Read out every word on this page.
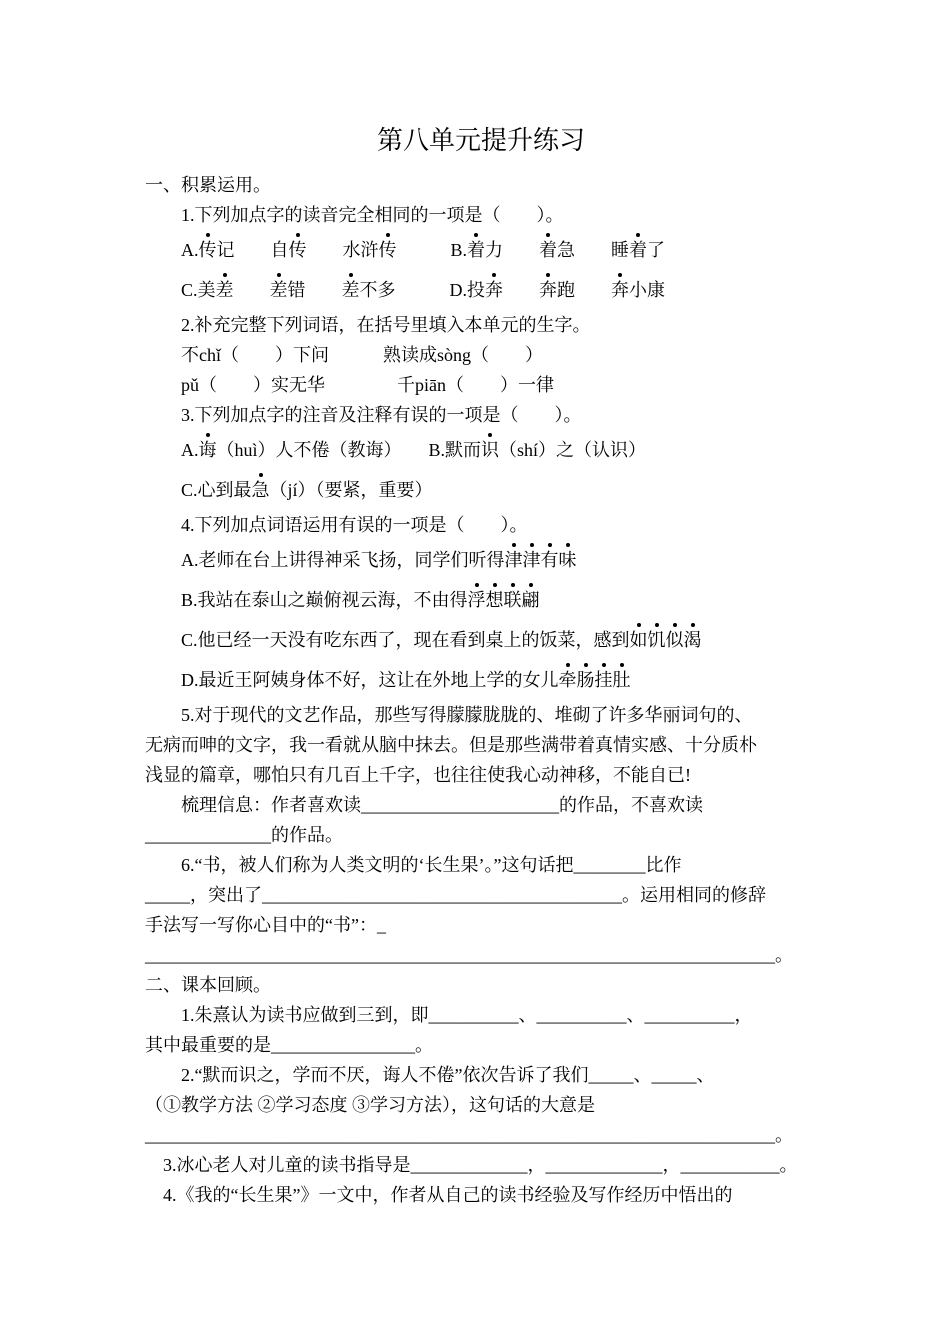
第八单元提升练习
一、积累运用。
1.下列加点字的读音完全相同的一项是（　　）。
A.传记　　自传　　水浒传　　　B.着力　　着急　　睡着了
C.美差　　 差错　　差不多　　　D.投奔　　 奔跑　　奔小康
2.补充完整下列词语，在括号里填入本单元的生字。
不chǐ（　　）下问　　　熟读成sòng（　　）
pǔ（　　）实无华　　　　千piān（　　）一律
3.下列加点字的注音及注释有误的一项是（　　）。
A.诲（huì）人不倦（教诲）　　B.默而识（shí）之（认识）
C.心到最急（jí）（要紧，重要）
4.下列加点词语运用有误的一项是（　　）。
A.老师在台上讲得神采飞扬，同学们听得津津有味
B.我站在泰山之巅俯视云海，不由得浮想联翩
C.他已经一天没有吃东西了，现在看到桌上的饭菜，感到如饥似渴
D.最近王阿姨身体不好，这让在外地上学的女儿牵肠挂肚
5.对于现代的文艺作品，那些写得朦朦胧胧的、堆砌了许多华丽词句的、
无病而呻的文字，我一看就从脑中抹去。但是那些满带着真情实感、十分质朴
浅显的篇章，哪怕只有几百上千字，也往往使我心动神移，不能自已!
梳理信息：作者喜欢读______________________的作品，不喜欢读
______________的作品。
6.“书，被人们称为人类文明的‘长生果’。”这句话把________比作
_____，突出了________________________________________。运用相同的修辞
手法写一写你心目中的“书”：_
______________________________________________________________________。
二、课本回顾。
1.朱熹认为读书应做到三到，即__________、__________、__________，
其中最重要的是________________。
2.“默而识之，学而不厌，诲人不倦”依次告诉了我们_____、_____、
（①教学方法 ②学习态度 ③学习方法），这句话的大意是
______________________________________________________________________。
3.冰心老人对儿童的读书指导是_____________，_____________，___________。
4.《我的“长生果”》一文中，作者从自己的读书经验及写作经历中悟出的
